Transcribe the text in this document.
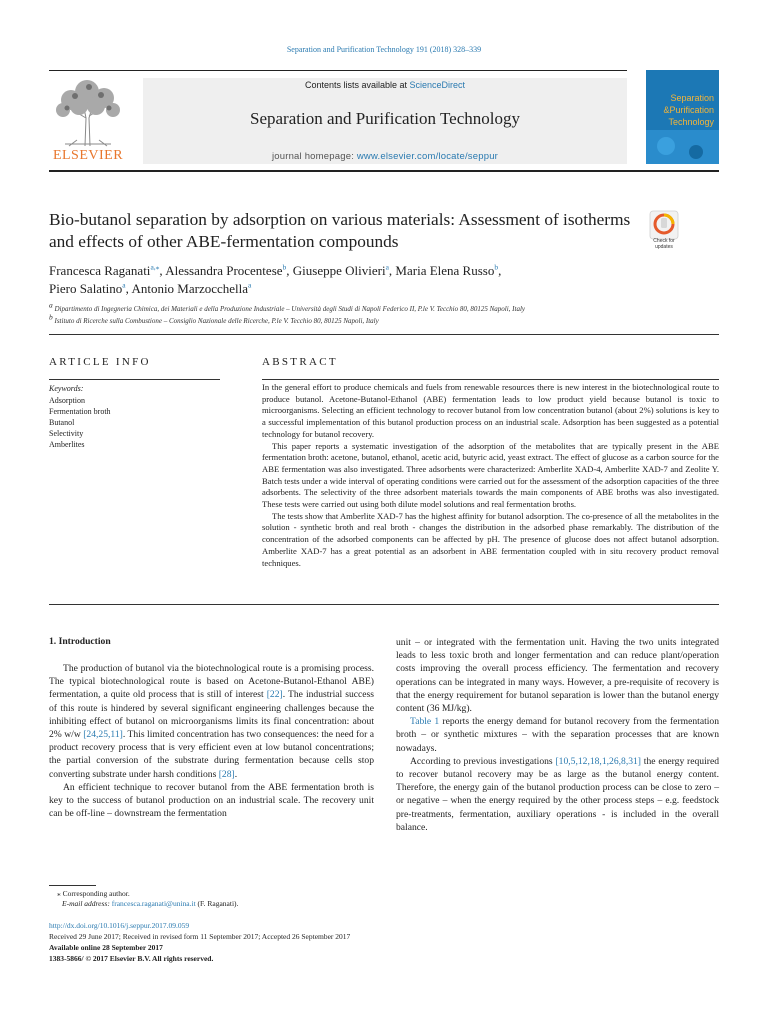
Separation and Purification Technology 191 (2018) 328–339
ELSEVIER
Contents lists available at ScienceDirect
Separation and Purification Technology
journal homepage: www.elsevier.com/locate/seppur
Separation
&Purification
Technology
Bio-butanol separation by adsorption on various materials: Assessment of isotherms and effects of other ABE-fermentation compounds	Check for
updates
Francesca Raganati$^{a,⁎}$, Alessandra Procentese$^b$, Giuseppe Olivieri$^a$, Maria Elena Russo$^b$,
Piero Salatino$^a$, Antonio Marzocchella$^a$
$^a$ Dipartimento di Ingegneria Chimica, dei Materiali e della Produzione Industriale – Università degli Studi di Napoli Federico II, P.le V. Tecchio 80, 80125 Napoli, Italy
$^b$ Istituto di Ricerche sulla Combustione – Consiglio Nazionale delle Ricerche, P.le V. Tecchio 80, 80125 Napoli, Italy
ARTICLE INFO
Keywords:
Adsorption
Fermentation broth
Butanol
Selectivity
Amberlites
ABSTRACT

In the general effort to produce chemicals and fuels from renewable resources there is new interest in the biotechnological route to produce butanol. Acetone-Butanol-Ethanol (ABE) fermentation leads to low product yield because butanol is toxic to microorganisms. Selecting an efficient technology to recover butanol from low concentration butanol (about 2%) solutions is key to a successful implementation of this butanol production process on an industrial scale. Adsorption has been suggested as a potential technology for butanol recovery.

This paper reports a systematic investigation of the adsorption of the metabolites that are typically present in the ABE fermentation broth: acetone, butanol, ethanol, acetic acid, butyric acid, yeast extract. The effect of glucose as a carbon source for the ABE fermentation was also investigated. Three adsorbents were characterized: Amberlite XAD-4, Amberlite XAD-7 and Zeolite Y. Batch tests under a wide interval of operating conditions were carried out for the assessment of the adsorption capacities of the three adsorbents. The selectivity of the three adsorbent materials towards the main components of ABE broths was also investigated. These tests were carried out using both dilute model solutions and real fermentation broths.

The tests show that Amberlite XAD-7 has the highest affinity for butanol adsorption. The co-presence of all the metabolites in the solution - synthetic broth and real broth - changes the distribution in the adsorbed phase remarkably. The distribution of the concentration of the adsorbed components can be affected by pH. The presence of glucose does not affect butanol adsorption. Amberlite XAD-7 has a great potential as an adsorbent in ABE fermentation coupled with in situ recovery product removal techniques.

1. Introduction

The production of butanol via the biotechnological route is a promising process. The typical biotechnological route is based on Acetone-Butanol-Ethanol ABE) fermentation, a quite old process that is still of interest [22]. The industrial success of this route is hindered by several significant engineering challenges because the inhibiting effect of butanol on microorganisms limits its final concentration: about 2% w/w [24,25,11]. This limited concentration has two consequences: the need for a product recovery process that is very efficient even at low butanol concentrations; the partial conversion of the substrate during fermentation because cells stop converting substrate under harsh conditions [28].

An efficient technique to recover butanol from the ABE fermentation broth is key to the success of butanol production on an industrial scale. The recovery unit can be off-line – downstream the fermentation

unit – or integrated with the fermentation unit. Having the two units integrated leads to less toxic broth and longer fermentation and can reduce plant/operation costs improving the overall process efficiency. The fermentation and recovery operations can be integrated in many ways. However, a pre-requisite of recovery is that the energy requirement for butanol separation is lower than the butanol energy content (36 MJ/kg).

Table 1 reports the energy demand for butanol recovery from the fermentation broth – or synthetic mixtures – with the separation processes that are known nowadays.

According to previous investigations [10,5,12,18,1,26,8,31] the energy required to recover butanol recovery may be as large as the butanol energy content. Therefore, the energy gain of the butanol production process can be close to zero – or negative – when the energy required by the other process steps – e.g. feedstock pre-treatments, fermentation, auxiliary operations - is included in the overall balance.

⁎ Corresponding author.
E-mail address: francesca.raganati@unina.it (F. Raganati).
http://dx.doi.org/10.1016/j.seppur.2017.09.059
Received 29 June 2017; Received in revised form 11 September 2017; Accepted 26 September 2017
Available online 28 September 2017
1383-5866/ © 2017 Elsevier B.V. All rights reserved.
